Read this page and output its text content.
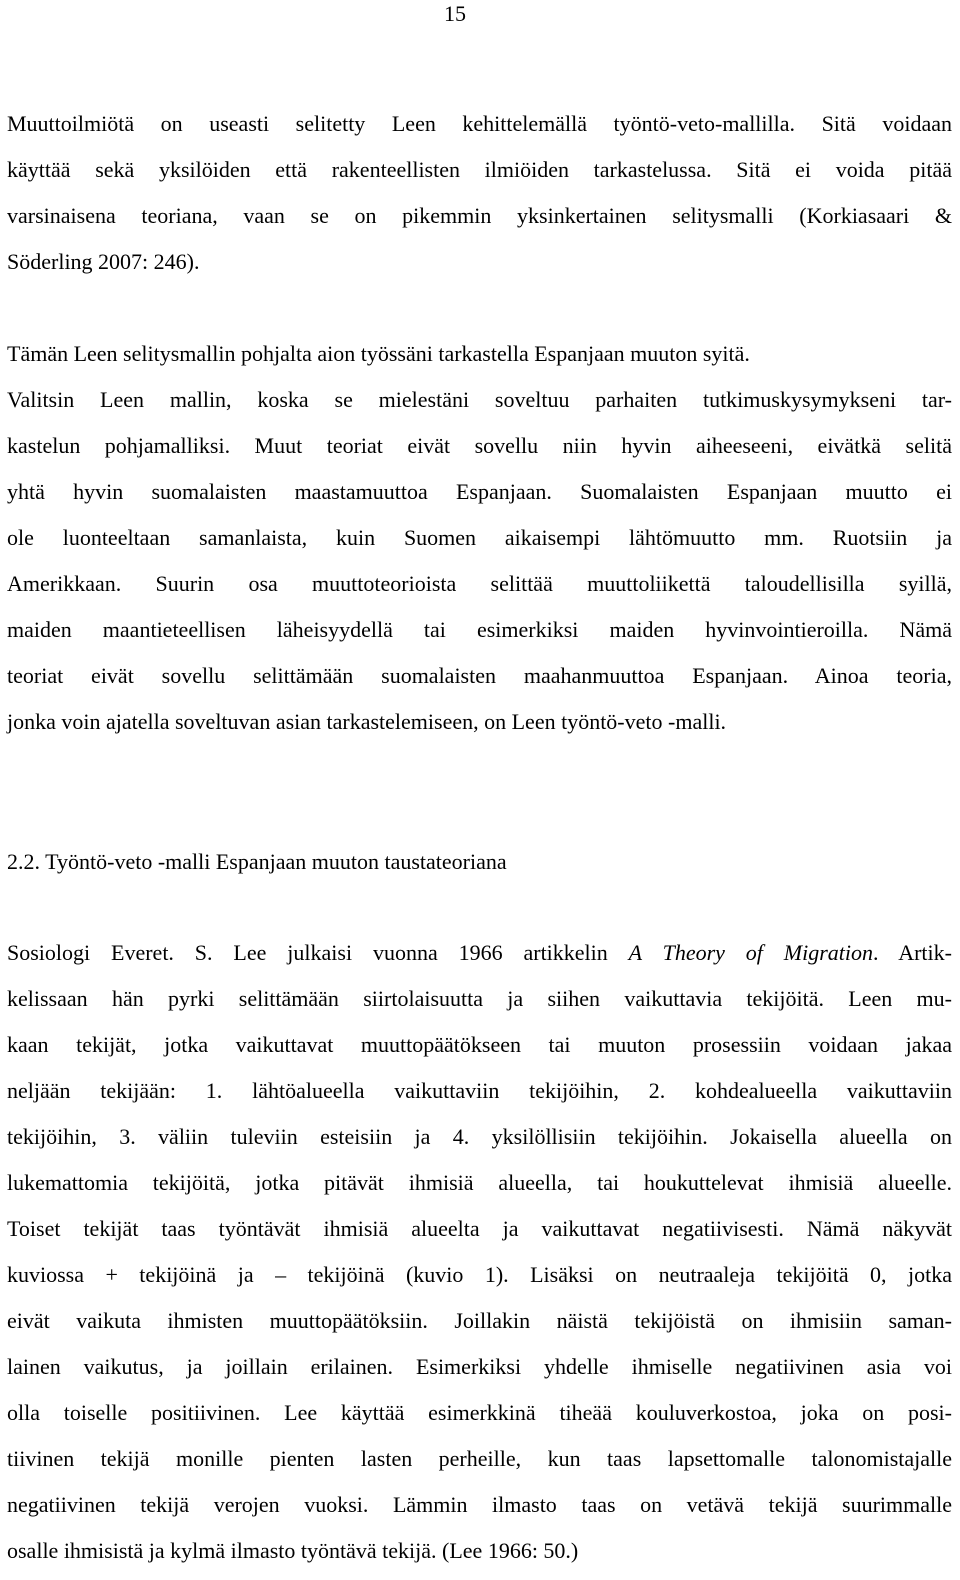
15
Muuttoilmiötä on useasti selitetty Leen kehittelemällä työntö-veto-mallilla. Sitä voidaan
käyttää sekä yksilöiden että rakenteellisten ilmiöiden tarkastelussa. Sitä ei voida pitää
varsinaisena teoriana, vaan se on pikemmin yksinkertainen selitysmalli (Korkiasaari &
Söderling 2007: 246).
Tämän Leen selitysmallin pohjalta aion työssäni tarkastella Espanjaan muuton syitä.
Valitsin Leen mallin, koska se mielestäni soveltuu parhaiten tutkimuskysymykseni tar-
kastelun pohjamalliksi. Muut teoriat eivät sovellu niin hyvin aiheeseeni, eivätkä selitä
yhtä hyvin suomalaisten maastamuuttoa Espanjaan. Suomalaisten Espanjaan muutto ei
ole luonteeltaan samanlaista, kuin Suomen aikaisempi lähtömuutto mm. Ruotsiin ja
Amerikkaan. Suurin osa muuttoteorioista selittää muuttoliikettä taloudellisilla syillä,
maiden maantieteellisen läheisyydellä tai esimerkiksi maiden hyvinvointieroilla. Nämä
teoriat eivät sovellu selittämään suomalaisten maahanmuuttoa Espanjaan. Ainoa teoria,
jonka voin ajatella soveltuvan asian tarkastelemiseen, on Leen työntö-veto -malli.
2.2. Työntö-veto -malli Espanjaan muuton taustateoriana
Sosiologi Everet. S. Lee julkaisi vuonna 1966 artikkelin A Theory of Migration. Artik-
kelissaan hän pyrki selittämään siirtolaisuutta ja siihen vaikuttavia tekijöitä. Leen mu-
kaan tekijät, jotka vaikuttavat muuttopäätökseen tai muuton prosessiin voidaan jakaa
neljään tekijään: 1. lähtöalueella vaikuttaviin tekijöihin, 2. kohdealueella vaikuttaviin
tekijöihin, 3. väliin tuleviin esteisiin ja 4. yksilöllisiin tekijöihin. Jokaisella alueella on
lukemattomia tekijöitä, jotka pitävät ihmisiä alueella, tai houkuttelevat ihmisiä alueelle.
Toiset tekijät taas työntävät ihmisiä alueelta ja vaikuttavat negatiivisesti. Nämä näkyvät
kuviossa + tekijöinä ja – tekijöinä (kuvio 1). Lisäksi on neutraaleja tekijöitä 0, jotka
eivät vaikuta ihmisten muuttopäätöksiin. Joillakin näistä tekijöistä on ihmisiin saman-
lainen vaikutus, ja joillain erilainen. Esimerkiksi yhdelle ihmiselle negatiivinen asia voi
olla toiselle positiivinen. Lee käyttää esimerkkinä tiheää kouluverkostoa, joka on posi-
tiivinen tekijä monille pienten lasten perheille, kun taas lapsettomalle talonomistajalle
negatiivinen tekijä verojen vuoksi. Lämmin ilmasto taas on vetävä tekijä suurimmalle
osalle ihmisistä ja kylmä ilmasto työntävä tekijä. (Lee 1966: 50.)
